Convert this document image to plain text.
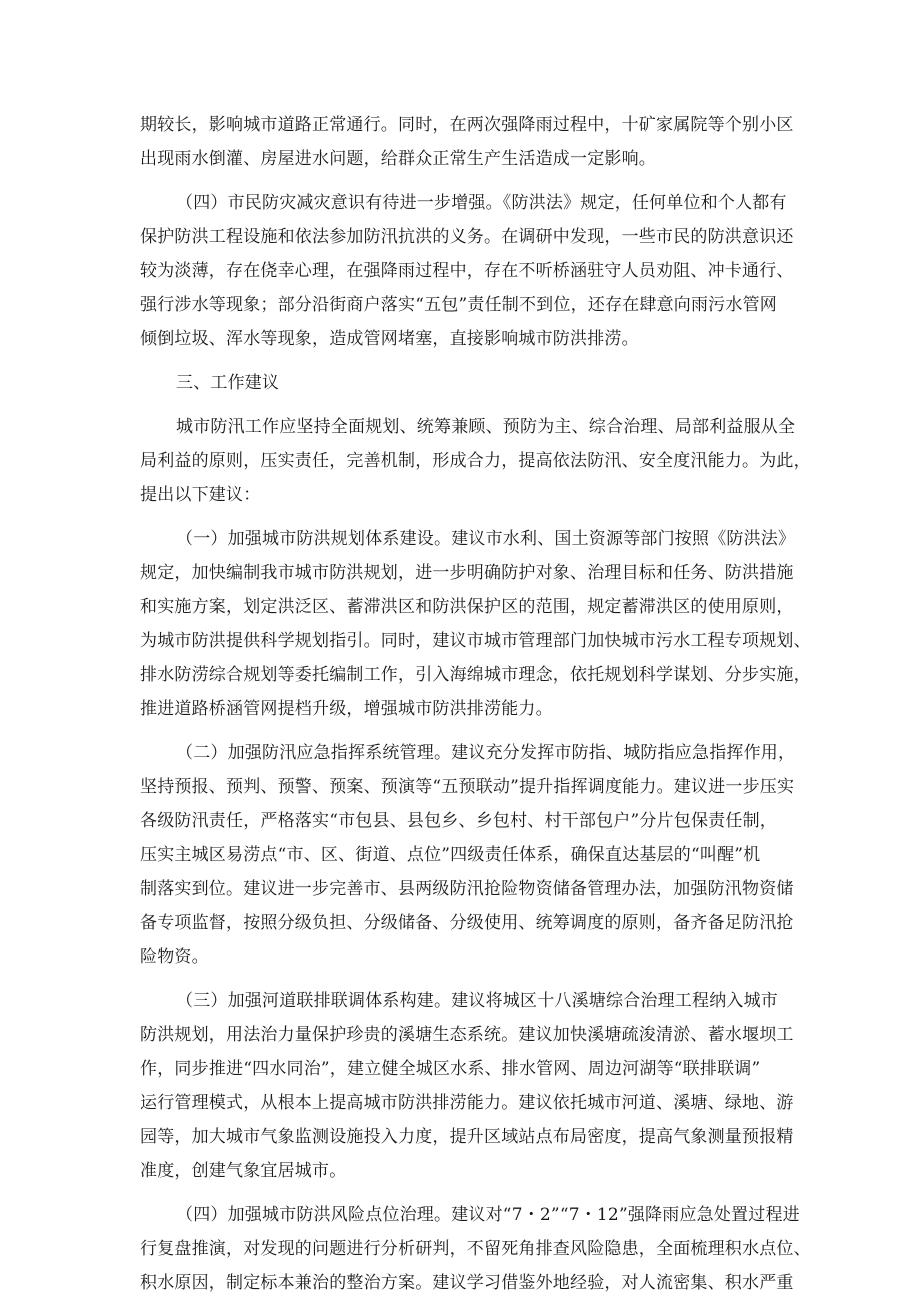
期较长，影响城市道路正常通行。同时，在两次强降雨过程中，十矿家属院等个别小区
出现雨水倒灌、房屋进水问题，给群众正常生产生活造成一定影响。
（四）市民防灾减灾意识有待进一步增强。《防洪法》规定，任何单位和个人都有
保护防洪工程设施和依法参加防汛抗洪的义务。在调研中发现，一些市民的防洪意识还
较为淡薄，存在侥幸心理，在强降雨过程中，存在不听桥涵驻守人员劝阻、冲卡通行、
强行涉水等现象；部分沿街商户落实“五包”责任制不到位，还存在肆意向雨污水管网
倾倒垃圾、浑水等现象，造成管网堵塞，直接影响城市防洪排涝。
三、工作建议
城市防汛工作应坚持全面规划、统筹兼顾、预防为主、综合治理、局部利益服从全
局利益的原则，压实责任，完善机制，形成合力，提高依法防汛、安全度汛能力。为此，
提出以下建议：
（一）加强城市防洪规划体系建设。建议市水利、国土资源等部门按照《防洪法》
规定，加快编制我市城市防洪规划，进一步明确防护对象、治理目标和任务、防洪措施
和实施方案，划定洪泛区、蓄滞洪区和防洪保护区的范围，规定蓄滞洪区的使用原则，
为城市防洪提供科学规划指引。同时，建议市城市管理部门加快城市污水工程专项规划、
排水防涝综合规划等委托编制工作，引入海绵城市理念，依托规划科学谋划、分步实施，
推进道路桥涵管网提档升级，增强城市防洪排涝能力。
（二）加强防汛应急指挥系统管理。建议充分发挥市防指、城防指应急指挥作用，
坚持预报、预判、预警、预案、预演等“五预联动”提升指挥调度能力。建议进一步压实
各级防汛责任，严格落实“市包县、县包乡、乡包村、村干部包户”分片包保责任制，
压实主城区易涝点“市、区、街道、点位”四级责任体系，确保直达基层的“叫醒”机
制落实到位。建议进一步完善市、县两级防汛抢险物资储备管理办法，加强防汛物资储
备专项监督，按照分级负担、分级储备、分级使用、统筹调度的原则，备齐备足防汛抢
险物资。
（三）加强河道联排联调体系构建。建议将城区十八溪塘综合治理工程纳入城市
防洪规划，用法治力量保护珍贵的溪塘生态系统。建议加快溪塘疏浚清淤、蓄水堰坝工
作，同步推进“四水同治”，建立健全城区水系、排水管网、周边河湖等“联排联调”
运行管理模式，从根本上提高城市防洪排涝能力。建议依托城市河道、溪塘、绿地、游
园等，加大城市气象监测设施投入力度，提升区域站点布局密度，提高气象测量预报精
准度，创建气象宜居城市。
（四）加强城市防洪风险点位治理。建议对“7・2”“7・12”强降雨应急处置过程进
行复盘推演，对发现的问题进行分析研判，不留死角排查风险隐患，全面梳理积水点位、
积水原因，制定标本兼治的整治方案。建议学习借鉴外地经验，对人流密集、积水严重
